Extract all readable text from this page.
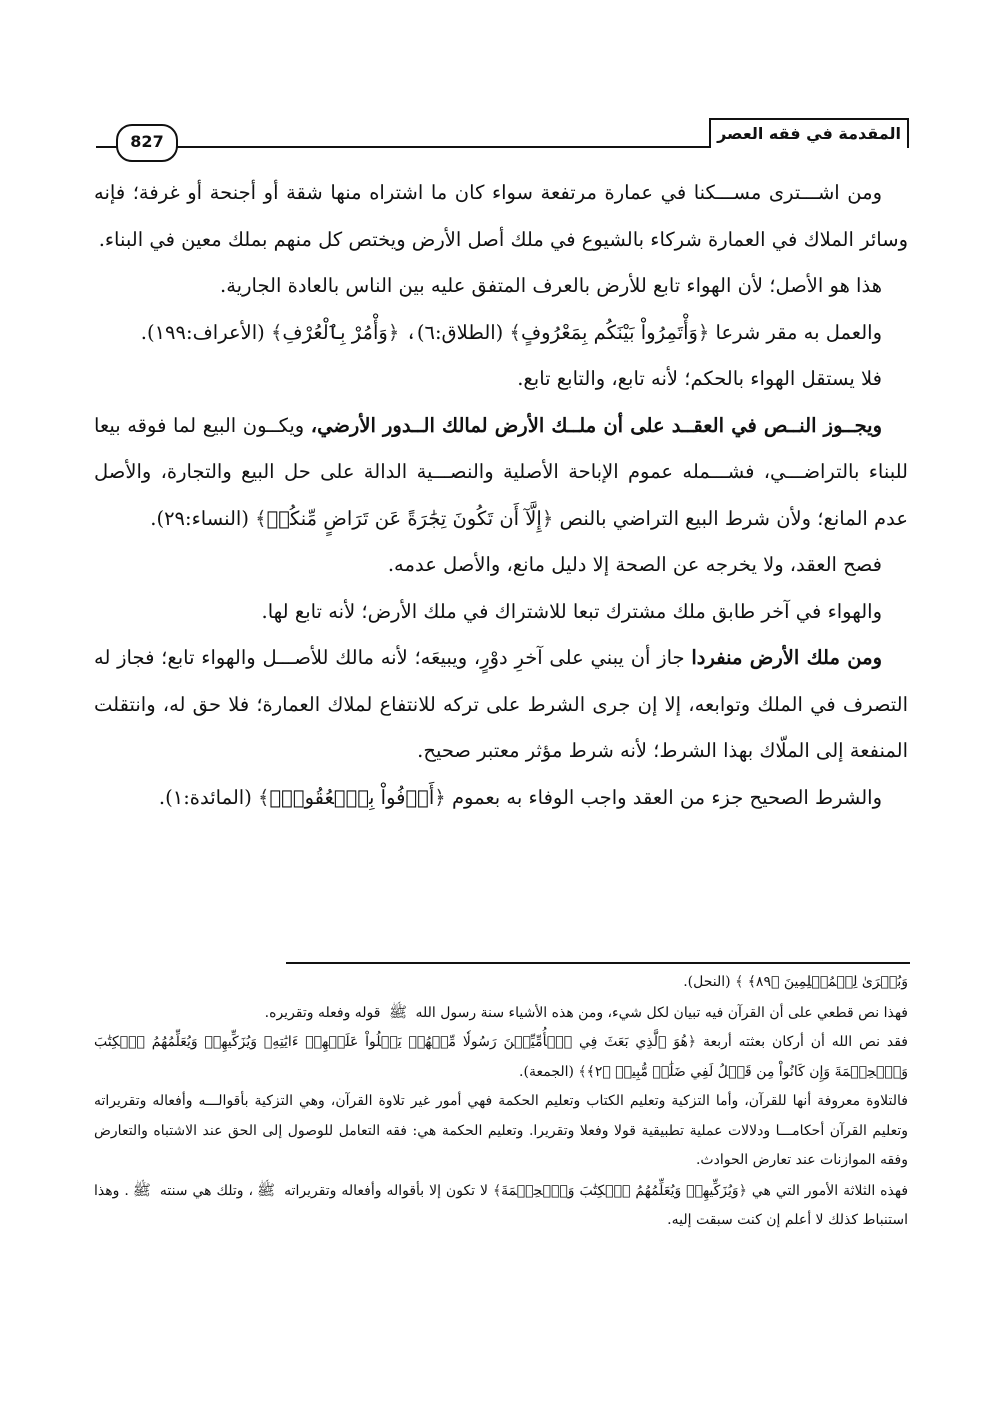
المقدمة في فقه العصر
827

ومن اشـــترى مســـكنا في عمارة مرتفعة سواء كان ما اشتراه منها شقة أو أجنحة أو غرفة؛ فإنه وسائر الملاك في العمارة شركاء بالشيوع في ملك أصل الأرض ويختص كل منهم بملك معين في البناء.

هذا هو الأصل؛ لأن الهواء تابع للأرض بالعرف المتفق عليه بين الناس بالعادة الجارية.

والعمل به مقر شرعا ﴿وَأْتَمِرُواْ بَيْنَكُم بِمَعْرُوفٍ﴾ (الطلاق:٦)، ﴿وَأْمُرْ بِٱلْعُرْفِ﴾ (الأعراف:١٩٩).

فلا يستقل الهواء بالحكم؛ لأنه تابع، والتابع تابع.

ويجــوز النــص في العقــد على أن ملــك الأرض لمالك الــدور الأرضي، ويكــون البيع لما فوقه بيعا للبناء بالتراضـــي، فشـــمله عموم الإباحة الأصلية والنصـــية الدالة على حل البيع والتجارة، والأصل عدم المانع؛ ولأن شرط البيع التراضي بالنص ﴿إِلَّآ أَن تَكُونَ تِجَٰرَةً عَن تَرَاضٍ مِّنكُمۡ﴾ (النساء:٢٩).

فصح العقد، ولا يخرجه عن الصحة إلا دليل مانع، والأصل عدمه.

والهواء في آخر طابق ملك مشترك تبعا للاشتراك في ملك الأرض؛ لأنه تابع لها.

ومن ملك الأرض منفردا جاز أن يبني على آخرِ دوْرٍ، ويبيعَه؛ لأنه مالك للأصـــل والهواء تابع؛ فجاز له التصرف في الملك وتوابعه، إلا إن جرى الشرط على تركه للانتفاع لملاك العمارة؛ فلا حق له، وانتقلت المنفعة إلى الملّاك بهذا الشرط؛ لأنه شرط مؤثر معتبر صحيح.

والشرط الصحيح جزء من العقد واجب الوفاء به بعموم ﴿أَوۡفُواْ بِٱلۡعُقُودِۚ﴾ (المائدة:١).

وَبُشۡرَىٰ لِلۡمُسۡلِمِينَ ﴿٨٩﴾ ﴾ (النحل).

فهذا نص قطعي على أن القرآن فيه تبيان لكل شيء، ومن هذه الأشياء سنة رسول الله ﷺ قوله وفعله وتقريره.

فقد نص الله أن أركان بعثته أربعة ﴿هُوَ ٱلَّذِي بَعَثَ فِي ٱلۡأُمِّيِّـۧنَ رَسُولٗا مِّنۡهُمۡ يَتۡلُواْ عَلَيۡهِمۡ ءَايَٰتِهِۦ وَيُزَكِّيهِمۡ وَيُعَلِّمُهُمُ ٱلۡكِتَٰبَ وَٱلۡحِكۡمَةَ وَإِن كَانُواْ مِن قَبۡلُ لَفِي ضَلَٰلٖ مُّبِينٖ ﴿٢﴾﴾ (الجمعة).

فالتلاوة معروفة أنها للقرآن، وأما التزكية وتعليم الكتاب وتعليم الحكمة فهي أمور غير تلاوة القرآن، وهي التزكية بأقوالـــه وأفعاله وتقريراته وتعليم القرآن أحكامـــا ودلالات عملية تطبيقية قولا وفعلا وتقريرا. وتعليم الحكمة هي: فقه التعامل للوصول إلى الحق عند الاشتباه والتعارض وفقه الموازنات عند تعارض الحوادث.

فهذه الثلاثة الأمور التي هي ﴿وَيُزَكِّيهِمۡ وَيُعَلِّمُهُمُ ٱلۡكِتَٰبَ وَٱلۡحِكۡمَةَ﴾ لا تكون إلا بأقواله وأفعاله وتقريراته ﷺ، وتلك هي سنته ﷺ. وهذا استنباط كذلك لا أعلم إن كنت سبقت إليه.
